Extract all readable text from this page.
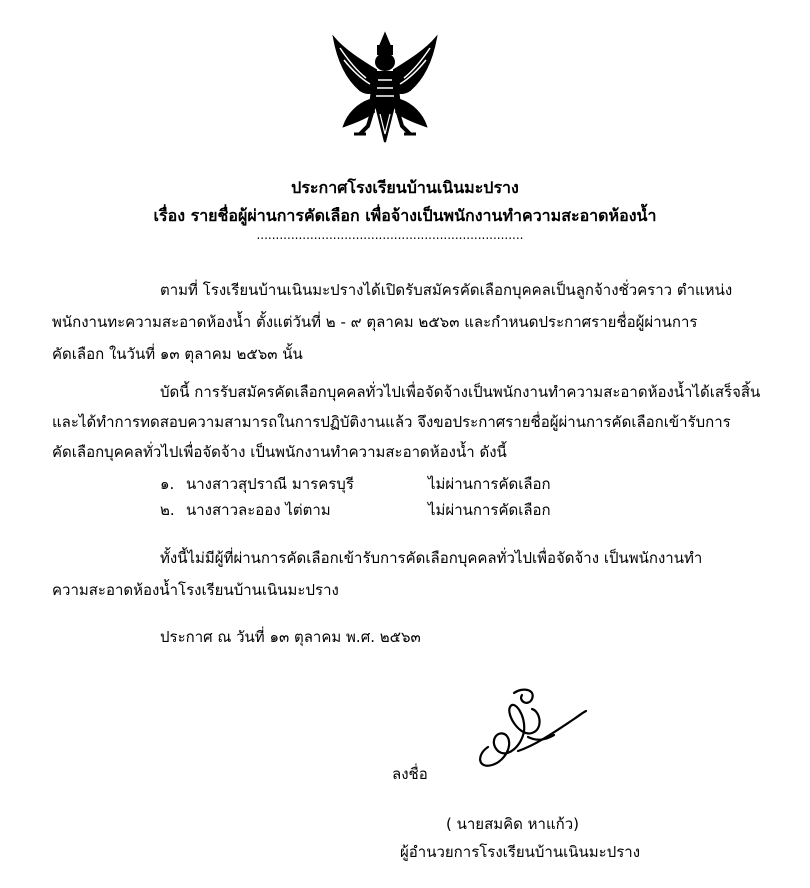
ประกาศโรงเรียนบ้านเนินมะปราง
เรื่อง รายชื่อผู้ผ่านการคัดเลือก เพื่อจ้างเป็นพนักงานทำความสะอาดห้องน้ำ
......................................................................
ตามที่ โรงเรียนบ้านเนินมะปรางได้เปิดรับสมัครคัดเลือกบุคคลเป็นลูกจ้างชั่วคราว ตำแหน่ง
พนักงานทะความสะอาดห้องน้ำ ตั้งแต่วันที่ ๒ - ๙ ตุลาคม ๒๕๖๓ และกำหนดประกาศรายชื่อผู้ผ่านการ
คัดเลือก ในวันที่ ๑๓ ตุลาคม ๒๕๖๓ นั้น
บัดนี้ การรับสมัครคัดเลือกบุคคลทั่วไปเพื่อจัดจ้างเป็นพนักงานทำความสะอาดห้องน้ำได้เสร็จสิ้น
และได้ทำการทดสอบความสามารถในการปฏิบัติงานแล้ว จึงขอประกาศรายชื่อผู้ผ่านการคัดเลือกเข้ารับการ
คัดเลือกบุคคลทั่วไปเพื่อจัดจ้าง เป็นพนักงานทำความสะอาดห้องน้ำ ดังนี้
๑. นางสาวสุปราณี มารครบุรี	ไม่ผ่านการคัดเลือก
๒. นางสาวละออง ไต่ตาม	ไม่ผ่านการคัดเลือก
ทั้งนี้ไม่มีผู้ที่ผ่านการคัดเลือกเข้ารับการคัดเลือกบุคคลทั่วไปเพื่อจัดจ้าง เป็นพนักงานทำ
ความสะอาดห้องน้ำโรงเรียนบ้านเนินมะปราง
ประกาศ ณ วันที่ ๑๓ ตุลาคม พ.ศ. ๒๕๖๓
ลงชื่อ
( นายสมคิด หาแก้ว)
ผู้อำนวยการโรงเรียนบ้านเนินมะปราง
